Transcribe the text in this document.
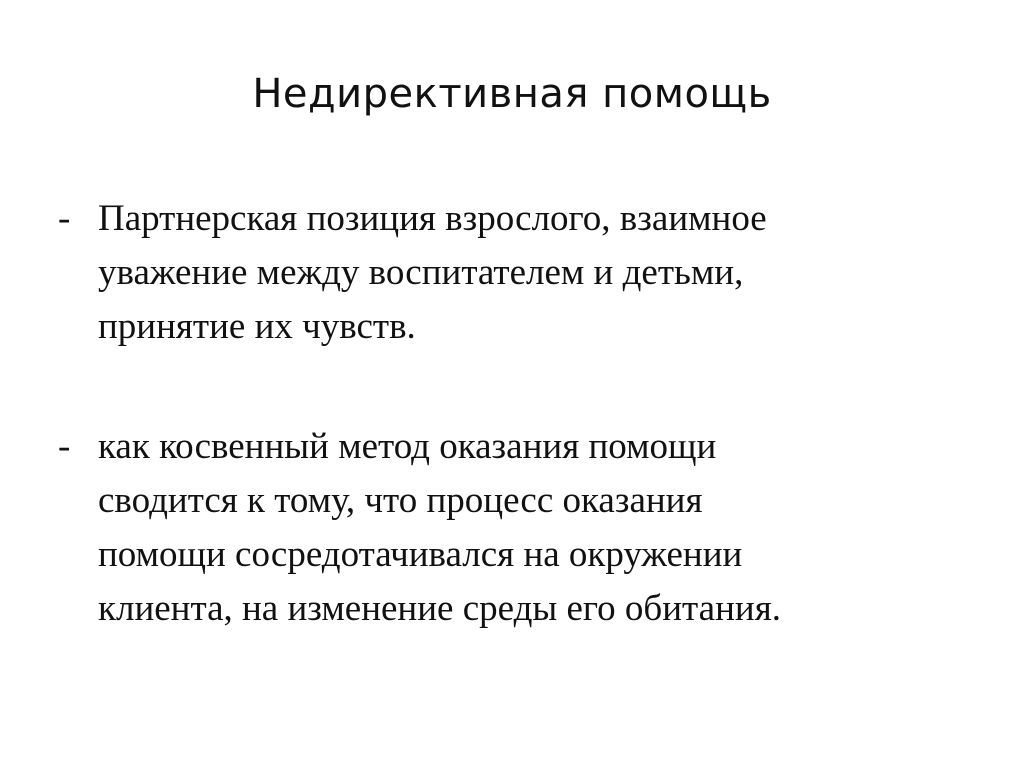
Недирективная помощь
- Партнерская позиция взрослого, взаимное
уважение между воспитателем и детьми,
принятие их чувств.
- как косвенный метод оказания помощи
сводится к тому, что процесс оказания
помощи сосредотачивался на окружении
клиента, на изменение среды его обитания.
